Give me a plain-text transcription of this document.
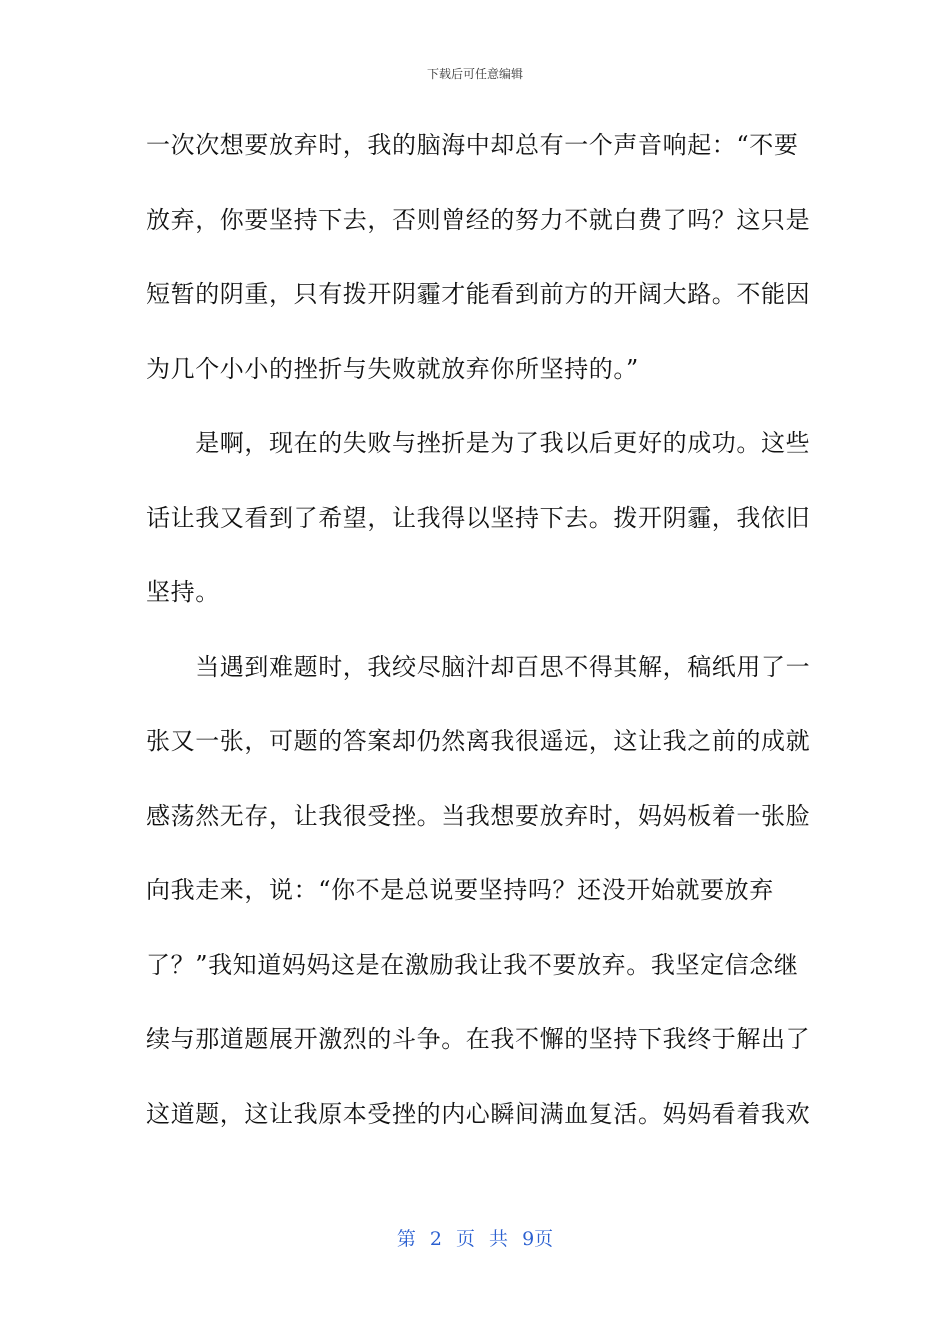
下载后可任意编辑
一次次想要放弃时，我的脑海中却总有一个声音响起：“不要
放弃，你要坚持下去，否则曾经的努力不就白费了吗？这只是
短暂的阴重，只有拨开阴霾才能看到前方的开阔大路。不能因
为几个小小的挫折与失败就放弃你所坚持的。”
　　是啊，现在的失败与挫折是为了我以后更好的成功。这些
话让我又看到了希望，让我得以坚持下去。拨开阴霾，我依旧
坚持。
　　当遇到难题时，我绞尽脑汁却百思不得其解，稿纸用了一
张又一张，可题的答案却仍然离我很遥远，这让我之前的成就
感荡然无存，让我很受挫。当我想要放弃时，妈妈板着一张脸
向我走来，说：“你不是总说要坚持吗？还没开始就要放弃
了？”我知道妈妈这是在激励我让我不要放弃。我坚定信念继
续与那道题展开激烈的斗争。在我不懈的坚持下我终于解出了
这道题，这让我原本受挫的内心瞬间满血复活。妈妈看着我欢
第 2 页 共 9页
